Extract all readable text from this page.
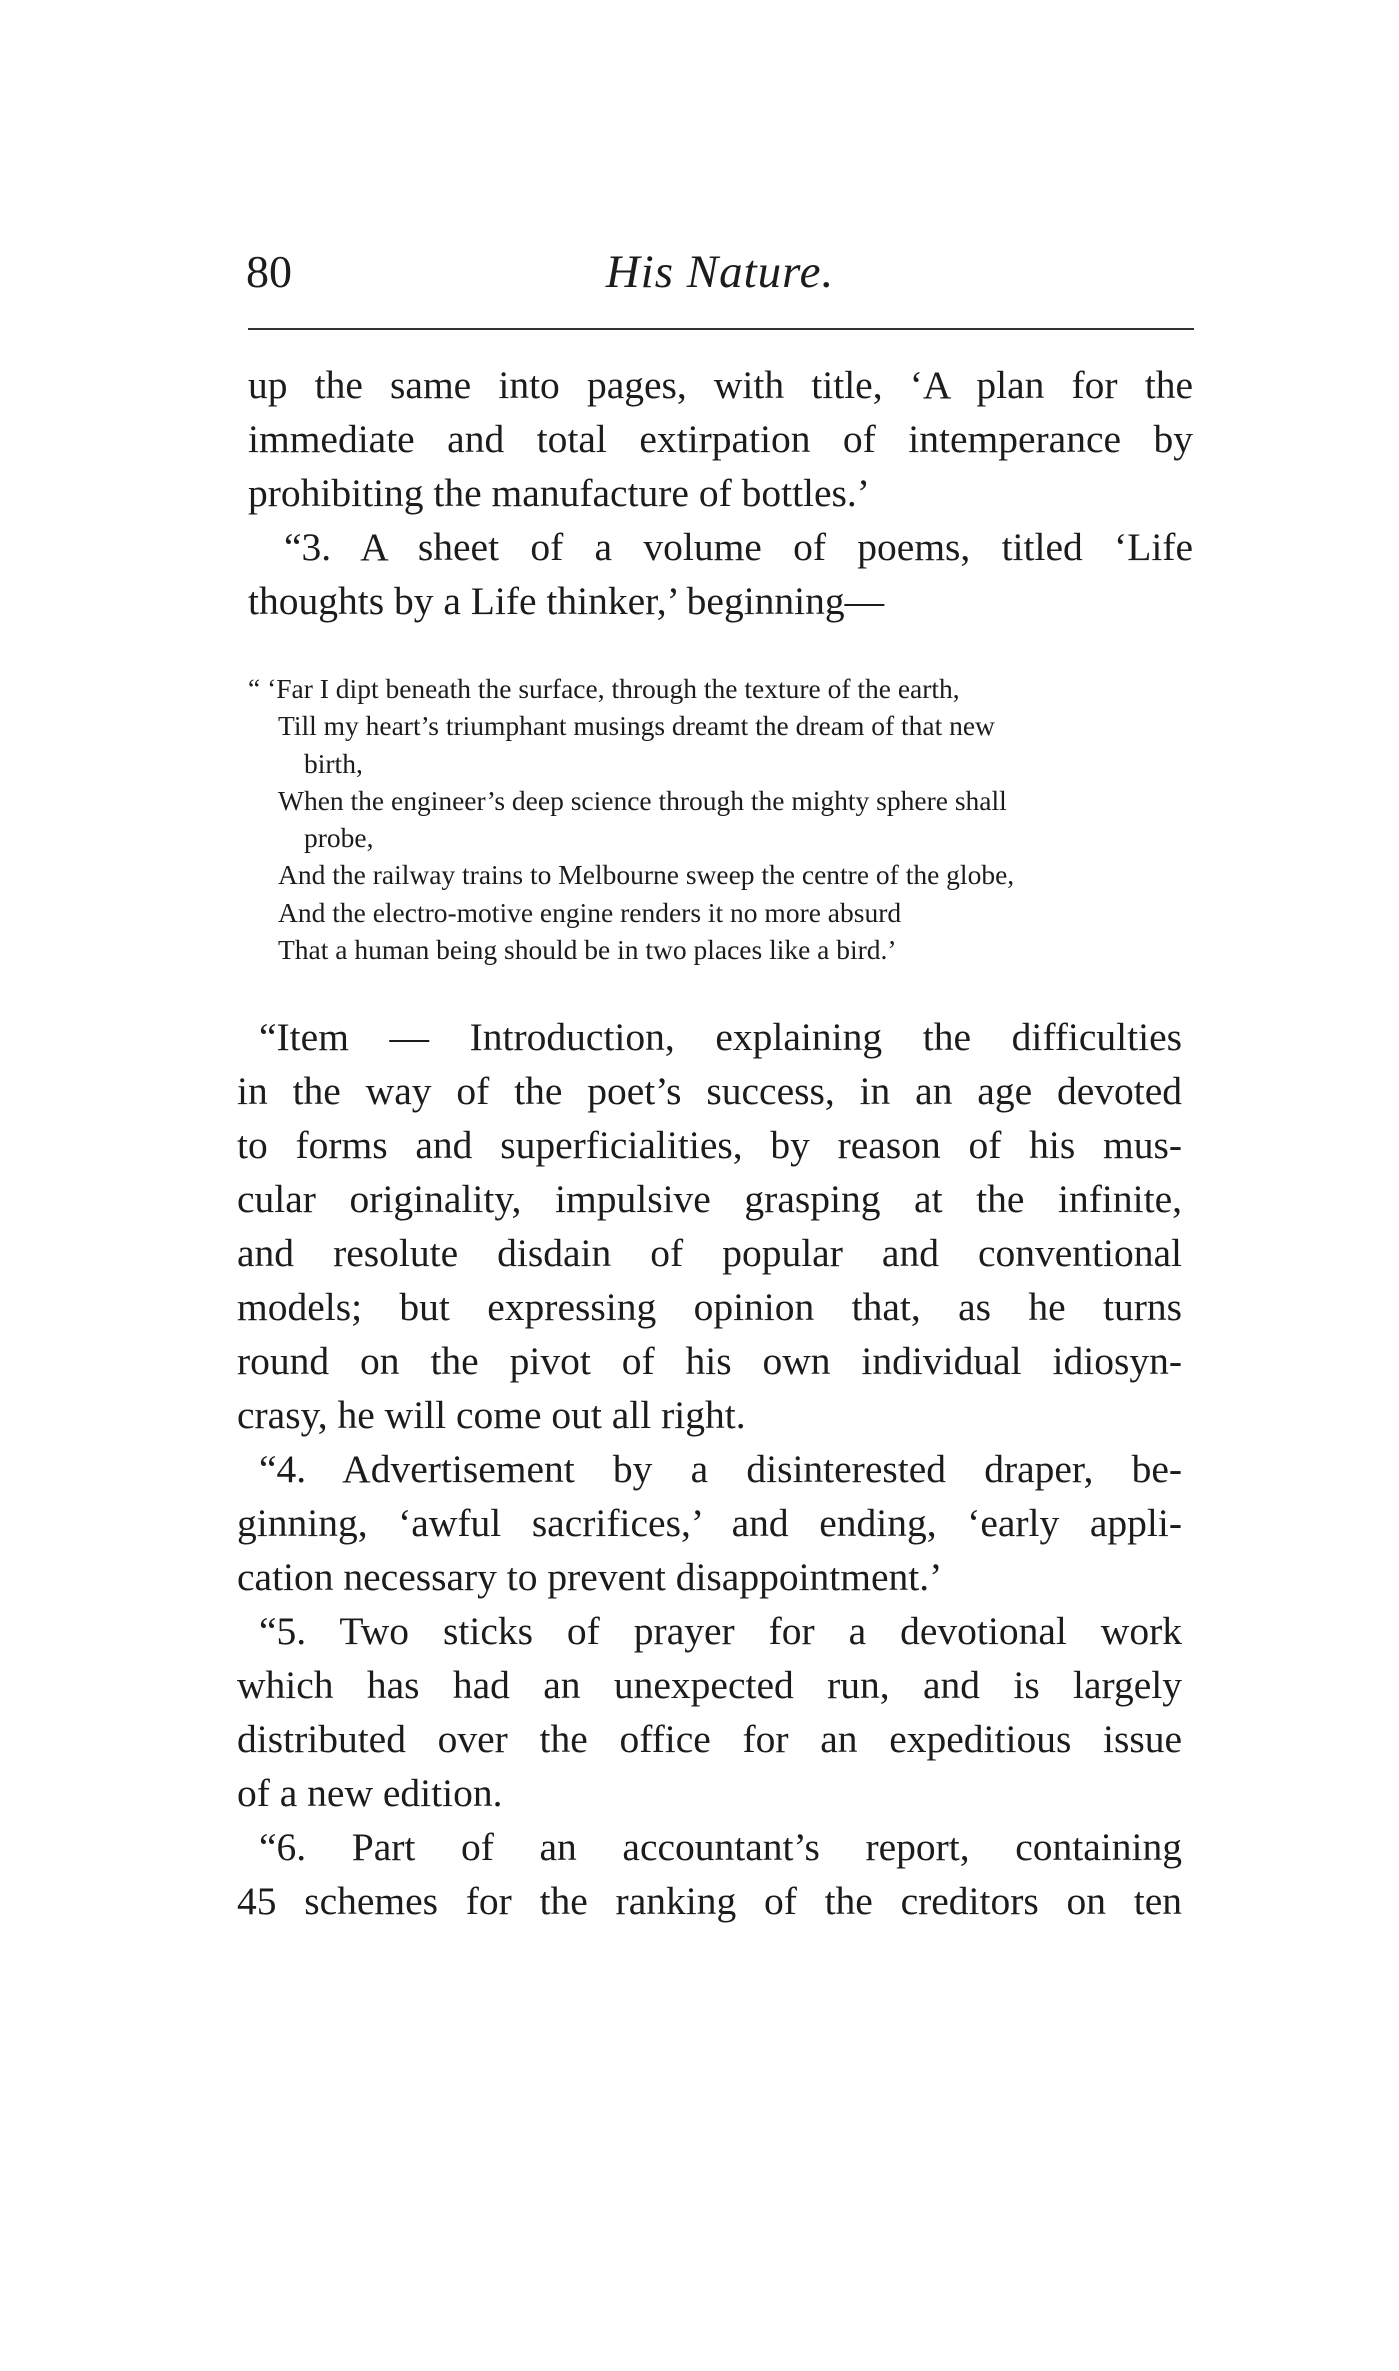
80	His Nature.
up the same into pages, with title, ‘A plan for the
immediate and total extirpation of intemperance by
prohibiting the manufacture of bottles.’
“3. A sheet of a volume of poems, titled ‘Life
thoughts by a Life thinker,’ beginning—
“ ‘Far I dipt beneath the surface, through the texture of the earth,
Till my heart’s triumphant musings dreamt the dream of that new
birth,
When the engineer’s deep science through the mighty sphere shall
probe,
And the railway trains to Melbourne sweep the centre of the globe,
And the electro-motive engine renders it no more absurd
That a human being should be in two places like a bird.’
“Item — Introduction, explaining the difficulties
in the way of the poet’s success, in an age devoted
to forms and superficialities, by reason of his mus-
cular originality, impulsive grasping at the infinite,
and resolute disdain of popular and conventional
models; but expressing opinion that, as he turns
round on the pivot of his own individual idiosyn-
crasy, he will come out all right.
“4. Advertisement by a disinterested draper, be-
ginning, ‘awful sacrifices,’ and ending, ‘early appli-
cation necessary to prevent disappointment.’
“5. Two sticks of prayer for a devotional work
which has had an unexpected run, and is largely
distributed over the office for an expeditious issue
of a new edition.
“6. Part of an accountant’s report, containing
45 schemes for the ranking of the creditors on ten
